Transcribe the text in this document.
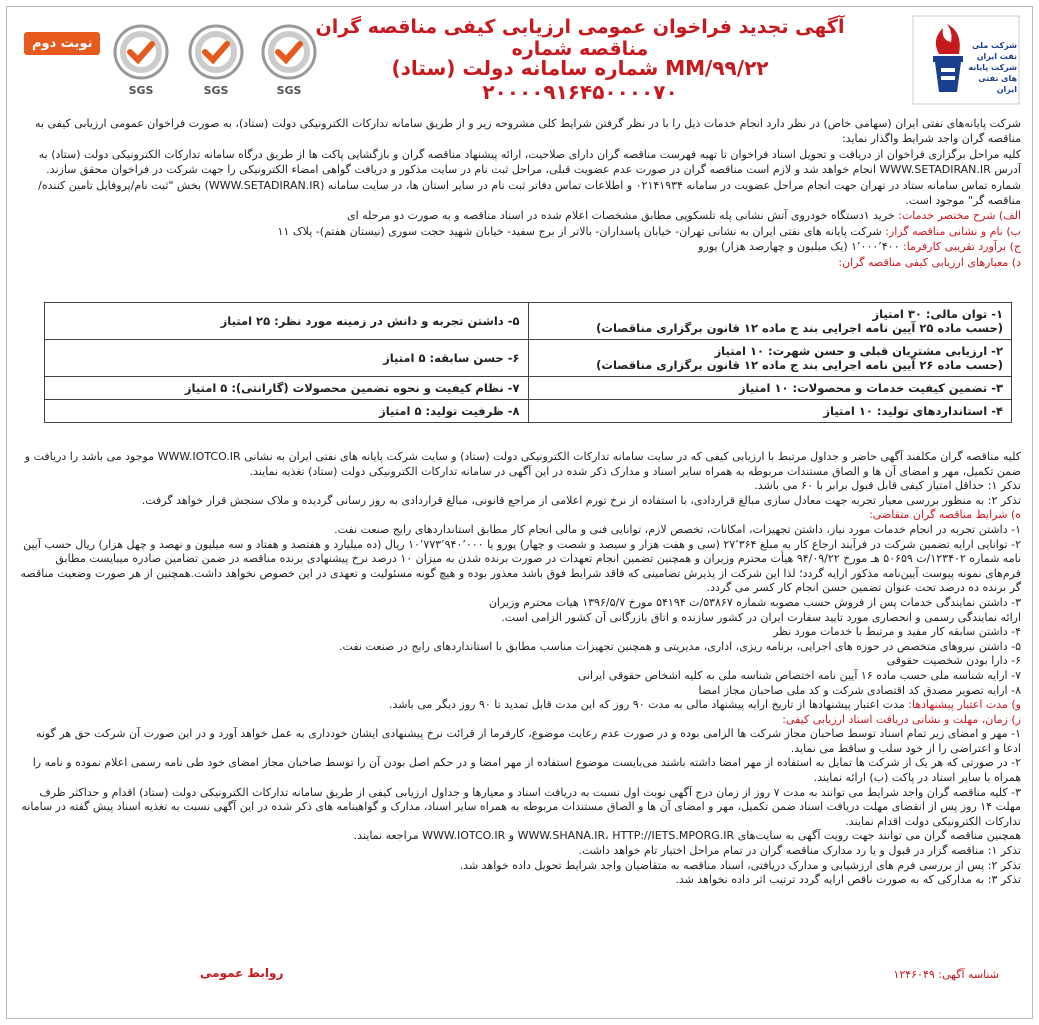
شرکت ملی نفت ایران
شرکت پایانه های نفتی ایران
آگهی تجدید فراخوان عمومی ارزیابی کیفی مناقصه گران مناقصه شماره
MM/۹۹/۲۲ شماره سامانه دولت (ستاد) ۲۰۰۰۰۹۱۶۴۵۰۰۰۰۷۰
SGS	SGS	SGS
نوبت دوم
شرکت پایانه‌های نفتی ایران (سهامی خاص) در نظر دارد انجام خدمات ذیل را با در نظر گرفتن شرایط کلی مشروحه زیر و از طریق سامانه تدارکات الکترونیکی دولت (ستاد)، به صورت فراخوان عمومی ارزیابی کیفی به مناقصه گران واجد شرایط واگذار نماید:
کلیه مراحل برگزاری فراخوان از دریافت و تحویل اسناد فراخوان تا تهیه فهرست مناقصه گران دارای صلاحیت، ارائه پیشنهاد مناقصه گران و بازگشایی پاکت ها از طریق درگاه سامانه تدارکات الکترونیکی دولت (ستاد) به آدرس WWW.SETADIRAN.IR انجام خواهد شد و لازم است مناقصه گران در صورت عدم عضویت قبلی، مراحل ثبت نام در سایت مذکور و دریافت گواهی امضاء الکترونیکی را جهت شرکت در فراخوان محقق سازند.
شماره تماس سامانه ستاد در تهران جهت انجام مراحل عضویت در سامانه ۰۲۱۴۱۹۳۴ و اطلاعات تماس دفاتر ثبت نام در سایر استان ها، در سایت سامانه (WWW.SETADIRAN.IR) بخش "ثبت نام/پروفایل تامین کننده/مناقصه گر" موجود است.
الف) شرح مختصر خدمات: خرید ۱دستگاه خودروی آتش نشانی پله تلسکوپی مطابق مشخصات اعلام شده در اسناد مناقصه و به صورت دو مرحله ای
ب) نام و نشانی مناقصه گزار: شرکت پایانه های نفتی ایران به نشانی تهران- خیابان پاسداران- بالاتر از برج سفید- خیابان شهید حجت سوری (نیستان هفتم)- پلاک ۱۱
ج) برآورد تقریبی کارفرما: ۱٬۰۰۰٬۴۰۰ (یک میلیون و چهارصد هزار) یورو
د) معیارهای ارزیابی کیفی مناقصه گران:
۱- توان مالی: ۳۰ امتیاز
(حسب ماده ۲۵ آیین نامه اجرایی بند ج ماده ۱۲ قانون برگزاری مناقصات)	۵- داشتن تجربه و دانش در زمینه مورد نظر: ۲۵ امتیاز
۲- ارزیابی مشتریان قبلی و حسن شهرت: ۱۰ امتیاز
(حسب ماده ۲۶ آیین نامه اجرایی بند ج ماده ۱۲ قانون برگزاری مناقصات)	۶- حسن سابقه: ۵ امتیاز
۳- تضمین کیفیت خدمات و محصولات: ۱۰ امتیاز	۷- نظام کیفیت و نحوه تضمین محصولات (گارانتی): ۵ امتیاز
۴- استانداردهای تولید: ۱۰ امتیاز	۸- ظرفیت تولید: ۵ امتیاز
کلیه مناقصه گران مکلفند آگهی حاضر و جداول مرتبط با ارزیابی کیفی که در سایت سامانه تدارکات الکترونیکی دولت (ستاد) و سایت شرکت پایانه های نفتی ایران به نشانی WWW.IOTCO.IR موجود می باشد را دریافت و ضمن تکمیل، مهر و امضای آن ها و الصاق مستندات مربوطه به همراه سایر اسناد و مدارک ذکر شده در این آگهی در سامانه تدارکات الکترونیکی دولت (ستاد) تغذیه نمایند.
تذکر ۱: حداقل امتیاز کیفی قابل قبول برابر با ۶۰ می باشد.
تذکر ۲: به منظور بررسی معیار تجربه جهت معادل سازی مبالغ قراردادی، با استفاده از نرخ تورم اعلامی از مراجع قانونی، مبالغ قراردادی به روز رسانی گردیده و ملاک سنجش قرار خواهد گرفت.
ه) شرایط مناقصه گران متقاضی:
۱- داشتن تجربه در انجام خدمات مورد نیاز، داشتن تجهیزات، امکانات، تخصص لازم، توانایی فنی و مالی انجام کار مطابق استانداردهای رایج صنعت نفت.
۲- توانایی ارایه تضمین شرکت در فرآیند ارجاع کار به مبلغ ۲۷٬۳۶۴ (سی و هفت هزار و سیصد و شصت و چهار) یورو یا ۱۰٬۷۷۳٬۹۴۰٬۰۰۰ ریال (ده میلیارد و هفتصد و هفتاد و سه میلیون و نهصد و چهل هزار) ریال حسب آیین نامه شماره ۱۲۳۴۰۲/ت ۵۰۶۵۹ هـ مورخ ۹۴/۰۹/۲۲ هیأت محترم وزیران و همچنین تضمین انجام تعهدات در صورت برنده شدن به میزان ۱۰ درصد نرخ پیشنهادی برنده مناقصه در ضمن تضامین صادره میبایست مطابق فرم‌های نمونه پیوست آیین‌نامه مذکور ارایه گردد؛ لذا این شرکت از پذیرش تضامینی که فاقد شرایط فوق باشد معذور بوده و هیچ گونه مسئولیت و تعهدی در این خصوص نخواهد داشت.همچنین از هر صورت وضعیت مناقصه گر برنده ده درصد تحت عنوان تضمین حسن انجام کار کسر می گردد.
۳- داشتن نمایندگی خدمات پس از فروش حسب مصوبه شماره ۵۳۸۶۷/ت ۵۴۱۹۴ مورخ ۱۳۹۶/۵/۷ هیات محترم وزیران
ارائه نمایندگی رسمی و انحصاری مورد تایید سفارت ایران در کشور سازنده و اتاق بازرگانی آن کشور الزامی است.
۴- داشتن سابقه کار مفید و مرتبط با خدمات مورد نظر
۵- داشتن نیروهای متخصص در حوزه های اجرایی، برنامه ریزی، اداری، مدیریتی و همچنین تجهیزات مناسب مطابق با استانداردهای رایج در صنعت نفت.
۶- دارا بودن شخصیت حقوقی
۷- ارایه شناسه ملی حسب ماده ۱۶ آیین نامه اختصاص شناسه ملی به کلیه اشخاص حقوقی ایرانی
۸- ارایه تصویر مصدق کد اقتصادی شرکت و کد ملی صاحبان مجاز امضا
و) مدت اعتبار پیشنهادها: مدت اعتبار پیشنهادها از تاریخ ارایه پیشنهاد مالی به مدت ۹۰ روز که این مدت قابل تمدید تا ۹۰ روز دیگر می باشد.
ز) زمان، مهلت و نشانی دریافت اسناد ارزیابی کیفی:
۱- مهر و امضای زیر تمام اسناد توسط صاحبان مجاز شرکت ها الزامی بوده و در صورت عدم رعایت موضوع، کارفرما از قرائت نرخ پیشنهادی ایشان خودداری به عمل خواهد آورد و در این صورت آن شرکت حق هر گونه ادعا و اعتراضی را از خود سلب و ساقط می نماید.
۲- در صورتی که هر یک از شرکت ها تمایل به استفاده از مهر امضا داشته باشند می‌بایست موضوع استفاده از مهر امضا و در حکم اصل بودن آن را توسط صاحبان مجاز امضای خود طی نامه رسمی اعلام نموده و نامه را همراه با سایر اسناد در پاکت (ب) ارائه نمایند.
۳- کلیه مناقصه گران واجد شرایط می توانند به مدت ۷ روز از زمان درج آگهی نوبت اول نسبت به دریافت اسناد و معیارها و جداول ارزیابی کیفی از طریق سامانه تدارکات الکترونیکی دولت (ستاد) اقدام و حداکثر ظرف مهلت ۱۴ روز پس از انقضای مهلت دریافت اسناد ضمن تکمیل، مهر و امضای آن ها و الصاق مستندات مربوطه به همراه سایر اسناد، مدارک و گواهینامه های ذکر شده در این آگهی نسبت به تغذیه اسناد پیش گفته در سامانه تدارکات الکترونیکی دولت اقدام نمایند.
همچنین مناقصه گران می توانند جهت رویت آگهی به سایت‌های WWW.SHANA.IR، HTTP://IETS.MPORG.IR و WWW.IOTCO.IR مراجعه نمایند.
تذکر ۱: مناقصه گزار در قبول و یا رد مدارک مناقصه گران در تمام مراحل اختیار تام خواهد داشت.
تذکر ۲: پس از بررسی فرم های ارزشیابی و مدارک دریافتی، اسناد مناقصه به متقاضیان واجد شرایط تحویل داده خواهد شد.
تذکر ۳: به مدارکی که به صورت ناقص ارایه گردد ترتیب اثر داده نخواهد شد.
روابط عمومی	شناسه آگهی: ۱۲۴۶۰۴۹
